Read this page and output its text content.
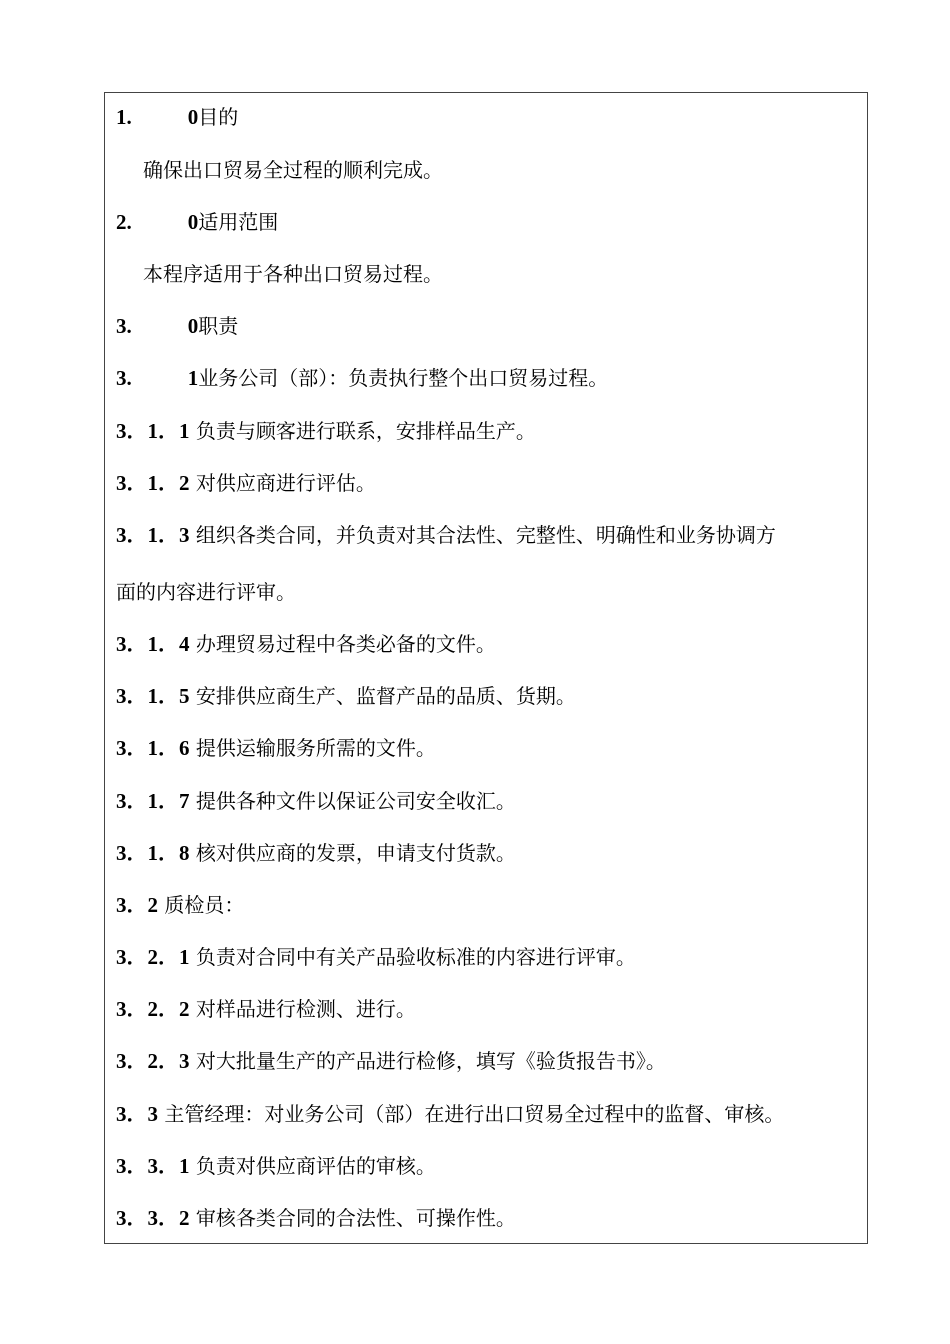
1.	0目的
确保出口贸易全过程的顺利完成。
2.	0适用范围
本程序适用于各种出口贸易过程。
3.	0职责
3.	1业务公司（部）：负责执行整个出口贸易过程。
3．1．1 负责与顾客进行联系，安排样品生产。
3．1．2 对供应商进行评估。
3．1．3 组织各类合同，并负责对其合法性、完整性、明确性和业务协调方
面的内容进行评审。
3．1．4 办理贸易过程中各类必备的文件。
3．1．5 安排供应商生产、监督产品的品质、货期。
3．1．6 提供运输服务所需的文件。
3．1．7 提供各种文件以保证公司安全收汇。
3．1．8 核对供应商的发票，申请支付货款。
3．2 质检员：
3．2．1 负责对合同中有关产品验收标准的内容进行评审。
3．2．2 对样品进行检测、进行。
3．2．3 对大批量生产的产品进行检修，填写《验货报告书》。
3．3 主管经理：对业务公司（部）在进行出口贸易全过程中的监督、审核。
3．3．1 负责对供应商评估的审核。
3．3．2 审核各类合同的合法性、可操作性。
